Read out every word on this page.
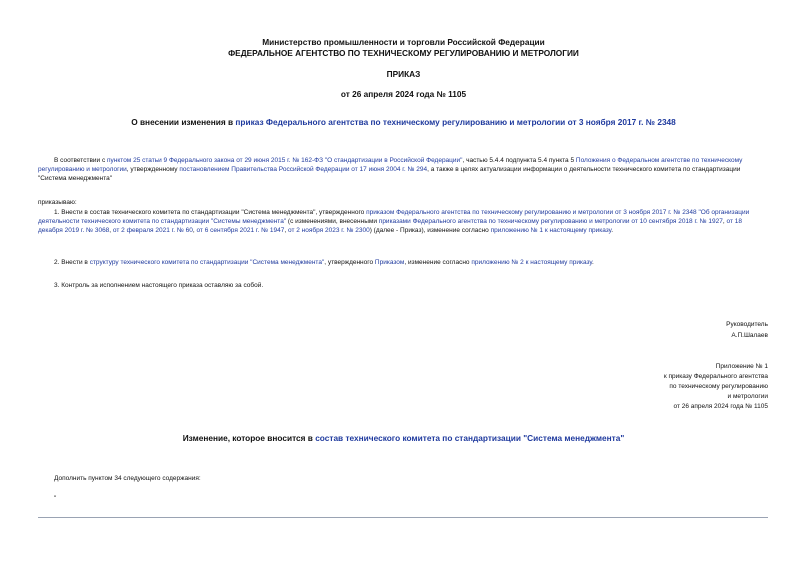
Министерство промышленности и торговли Российской Федерации
ФЕДЕРАЛЬНОЕ АГЕНТСТВО ПО ТЕХНИЧЕСКОМУ РЕГУЛИРОВАНИЮ И МЕТРОЛОГИИ
ПРИКАЗ
от 26 апреля 2024 года № 1105
О внесении изменения в приказ Федерального агентства по техническому регулированию и метрологии от 3 ноября 2017 г. № 2348
В соответствии с пунктом 25 статьи 9 Федерального закона от 29 июня 2015 г. № 162-ФЗ "О стандартизации в Российской Федерации", частью 5.4.4 подпункта 5.4 пункта 5 Положения о Федеральном агентстве по техническому регулированию и метрологии, утвержденному постановлением Правительства Российской Федерации от 17 июня 2004 г. № 294, а также в целях актуализации информации о деятельности технического комитета по стандартизации "Система менеджмента"
приказываю:
1. Внести в состав технического комитета по стандартизации "Система менеджмента", утвержденного приказом Федерального агентства по техническому регулированию и метрологии от 3 ноября 2017 г. № 2348 "Об организации деятельности технического комитета по стандартизации "Системы менеджмента" (с изменениями, внесенными приказами Федерального агентства по техническому регулированию и метрологии от 10 сентября 2018 г. № 1927, от 18 декабря 2019 г. № 3068, от 2 февраля 2021 г. № 60, от 6 сентября 2021 г. № 1947, от 2 ноября 2023 г. № 2300) (далее - Приказ), изменение согласно приложению № 1 к настоящему приказу.
2. Внести в структуру технического комитета по стандартизации "Система менеджмента", утвержденного Приказом, изменение согласно приложению № 2 к настоящему приказу.
3. Контроль за исполнением настоящего приказа оставляю за собой.
Руководитель
А.П.Шалаев
Приложение № 1
к приказу Федерального агентства
по техническому регулированию
и метрологии
от 26 апреля 2024 года № 1105
Изменение, которое вносится в состав технического комитета по стандартизации "Система менеджмента"
Дополнить пунктом 34 следующего содержания:
"
